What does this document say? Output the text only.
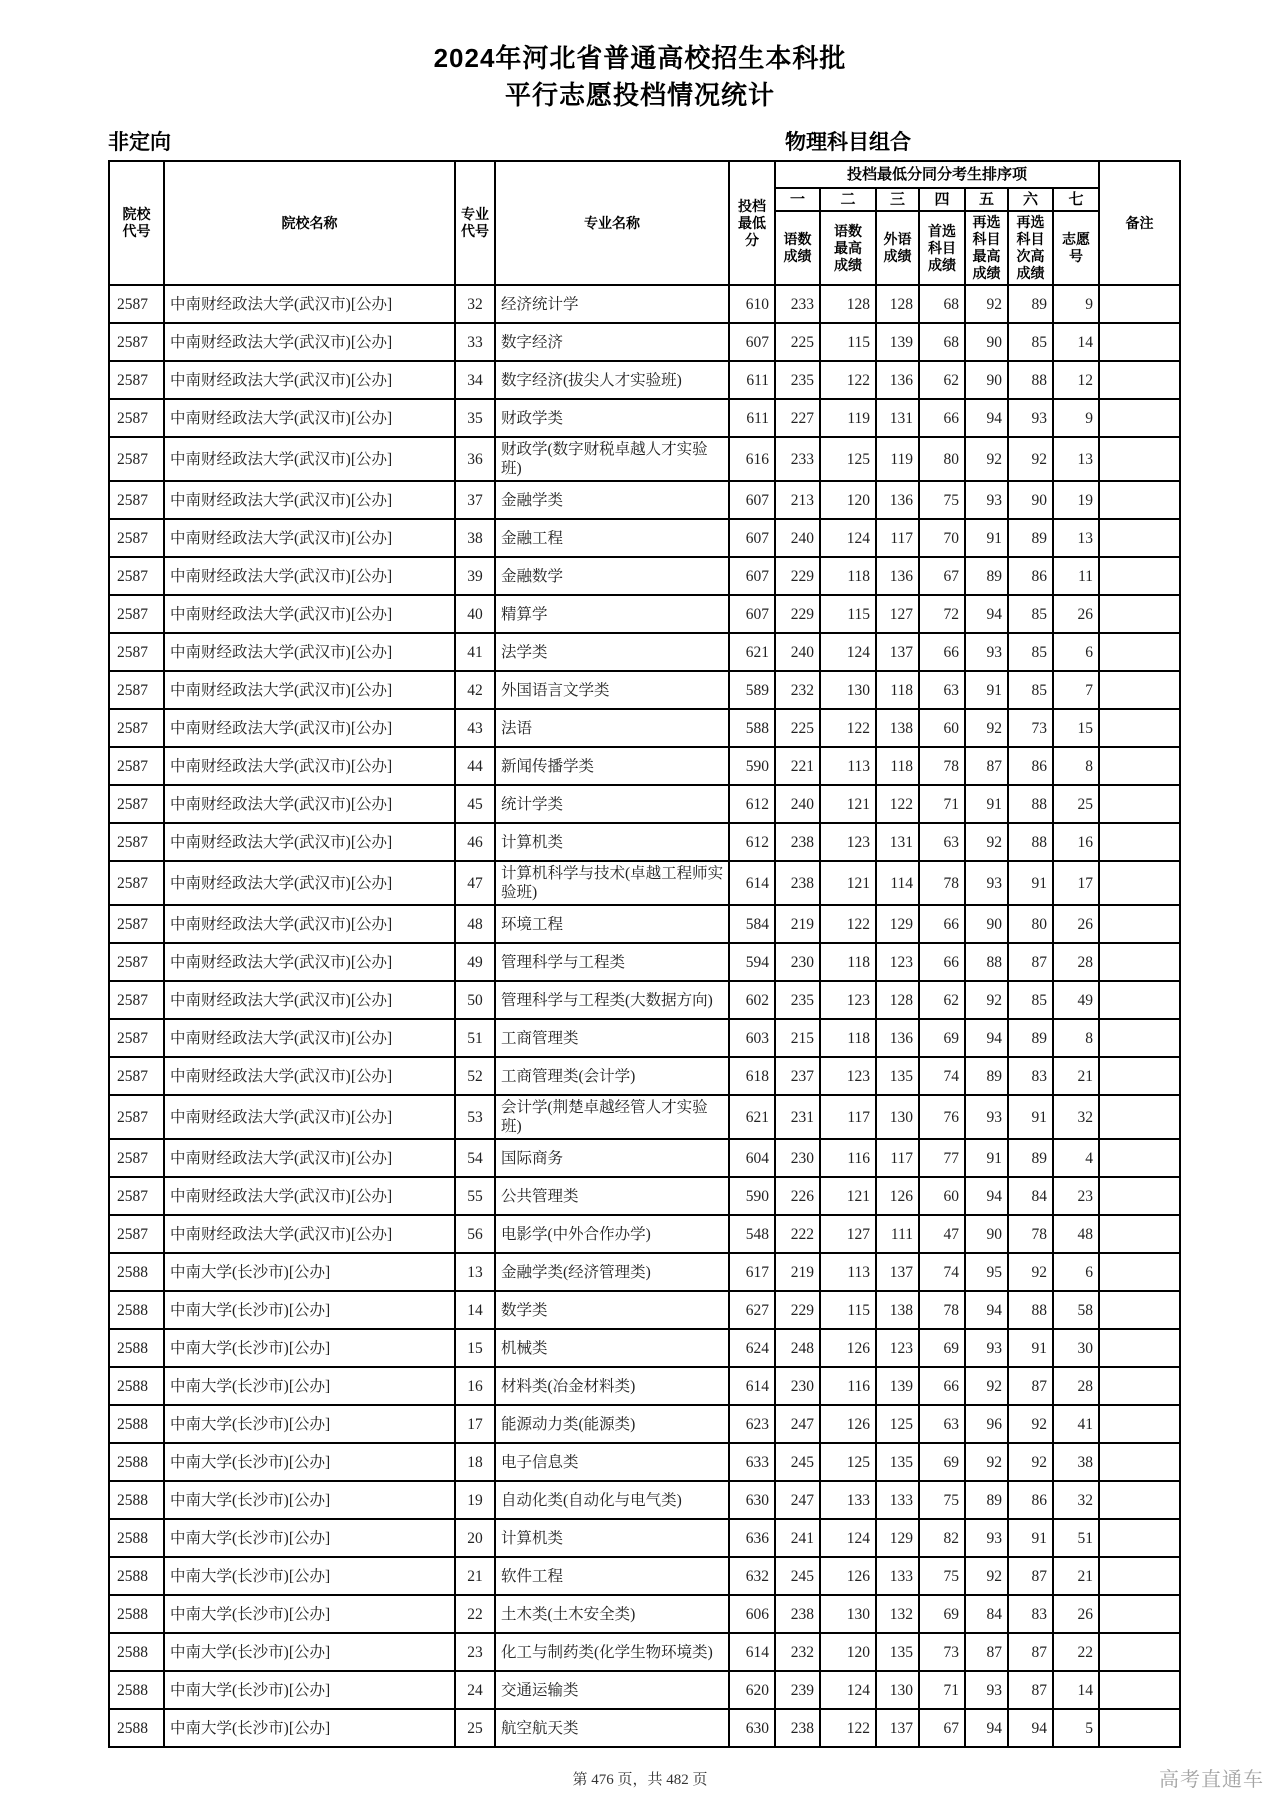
2024年河北省普通高校招生本科批
平行志愿投档情况统计
非定向	物理科目组合
院校代号	院校名称	专业代号	专业名称	投档最低分	投档最低分同分考生排序项							备注
					一	二	三	四	五	六	七	

					语数成绩	语数最高成绩	外语成绩	首选科目成绩	再选科目最高成绩	再选科目次高成绩	志愿号	

2587	中南财经政法大学(武汉市)[公办]	32	经济统计学	610	233	128	128	68	92	89	9	
2587	中南财经政法大学(武汉市)[公办]	33	数字经济	607	225	115	139	68	90	85	14	
2587	中南财经政法大学(武汉市)[公办]	34	数字经济(拔尖人才实验班)	611	235	122	136	62	90	88	12	
2587	中南财经政法大学(武汉市)[公办]	35	财政学类	611	227	119	131	66	94	93	9	
2587	中南财经政法大学(武汉市)[公办]	36	财政学(数字财税卓越人才实验班)	616	233	125	119	80	92	92	13	
2587	中南财经政法大学(武汉市)[公办]	37	金融学类	607	213	120	136	75	93	90	19	
2587	中南财经政法大学(武汉市)[公办]	38	金融工程	607	240	124	117	70	91	89	13	
2587	中南财经政法大学(武汉市)[公办]	39	金融数学	607	229	118	136	67	89	86	11	
2587	中南财经政法大学(武汉市)[公办]	40	精算学	607	229	115	127	72	94	85	26	
2587	中南财经政法大学(武汉市)[公办]	41	法学类	621	240	124	137	66	93	85	6	
2587	中南财经政法大学(武汉市)[公办]	42	外国语言文学类	589	232	130	118	63	91	85	7	
2587	中南财经政法大学(武汉市)[公办]	43	法语	588	225	122	138	60	92	73	15	
2587	中南财经政法大学(武汉市)[公办]	44	新闻传播学类	590	221	113	118	78	87	86	8	
2587	中南财经政法大学(武汉市)[公办]	45	统计学类	612	240	121	122	71	91	88	25	
2587	中南财经政法大学(武汉市)[公办]	46	计算机类	612	238	123	131	63	92	88	16	
2587	中南财经政法大学(武汉市)[公办]	47	计算机科学与技术(卓越工程师实验班)	614	238	121	114	78	93	91	17	
2587	中南财经政法大学(武汉市)[公办]	48	环境工程	584	219	122	129	66	90	80	26	
2587	中南财经政法大学(武汉市)[公办]	49	管理科学与工程类	594	230	118	123	66	88	87	28	
2587	中南财经政法大学(武汉市)[公办]	50	管理科学与工程类(大数据方向)	602	235	123	128	62	92	85	49	
2587	中南财经政法大学(武汉市)[公办]	51	工商管理类	603	215	118	136	69	94	89	8	
2587	中南财经政法大学(武汉市)[公办]	52	工商管理类(会计学)	618	237	123	135	74	89	83	21	
2587	中南财经政法大学(武汉市)[公办]	53	会计学(荆楚卓越经管人才实验班)	621	231	117	130	76	93	91	32	
2587	中南财经政法大学(武汉市)[公办]	54	国际商务	604	230	116	117	77	91	89	4	
2587	中南财经政法大学(武汉市)[公办]	55	公共管理类	590	226	121	126	60	94	84	23	
2587	中南财经政法大学(武汉市)[公办]	56	电影学(中外合作办学)	548	222	127	111	47	90	78	48	
2588	中南大学(长沙市)[公办]	13	金融学类(经济管理类)	617	219	113	137	74	95	92	6	
2588	中南大学(长沙市)[公办]	14	数学类	627	229	115	138	78	94	88	58	
2588	中南大学(长沙市)[公办]	15	机械类	624	248	126	123	69	93	91	30	
2588	中南大学(长沙市)[公办]	16	材料类(冶金材料类)	614	230	116	139	66	92	87	28	
2588	中南大学(长沙市)[公办]	17	能源动力类(能源类)	623	247	126	125	63	96	92	41	
2588	中南大学(长沙市)[公办]	18	电子信息类	633	245	125	135	69	92	92	38	
2588	中南大学(长沙市)[公办]	19	自动化类(自动化与电气类)	630	247	133	133	75	89	86	32	
2588	中南大学(长沙市)[公办]	20	计算机类	636	241	124	129	82	93	91	51	
2588	中南大学(长沙市)[公办]	21	软件工程	632	245	126	133	75	92	87	21	
2588	中南大学(长沙市)[公办]	22	土木类(土木安全类)	606	238	130	132	69	84	83	26	
2588	中南大学(长沙市)[公办]	23	化工与制药类(化学生物环境类)	614	232	120	135	73	87	87	22	
2588	中南大学(长沙市)[公办]	24	交通运输类	620	239	124	130	71	93	87	14	
2588	中南大学(长沙市)[公办]	25	航空航天类	630	238	122	137	67	94	94	5	
第 476 页，共 482 页	高考直通车
